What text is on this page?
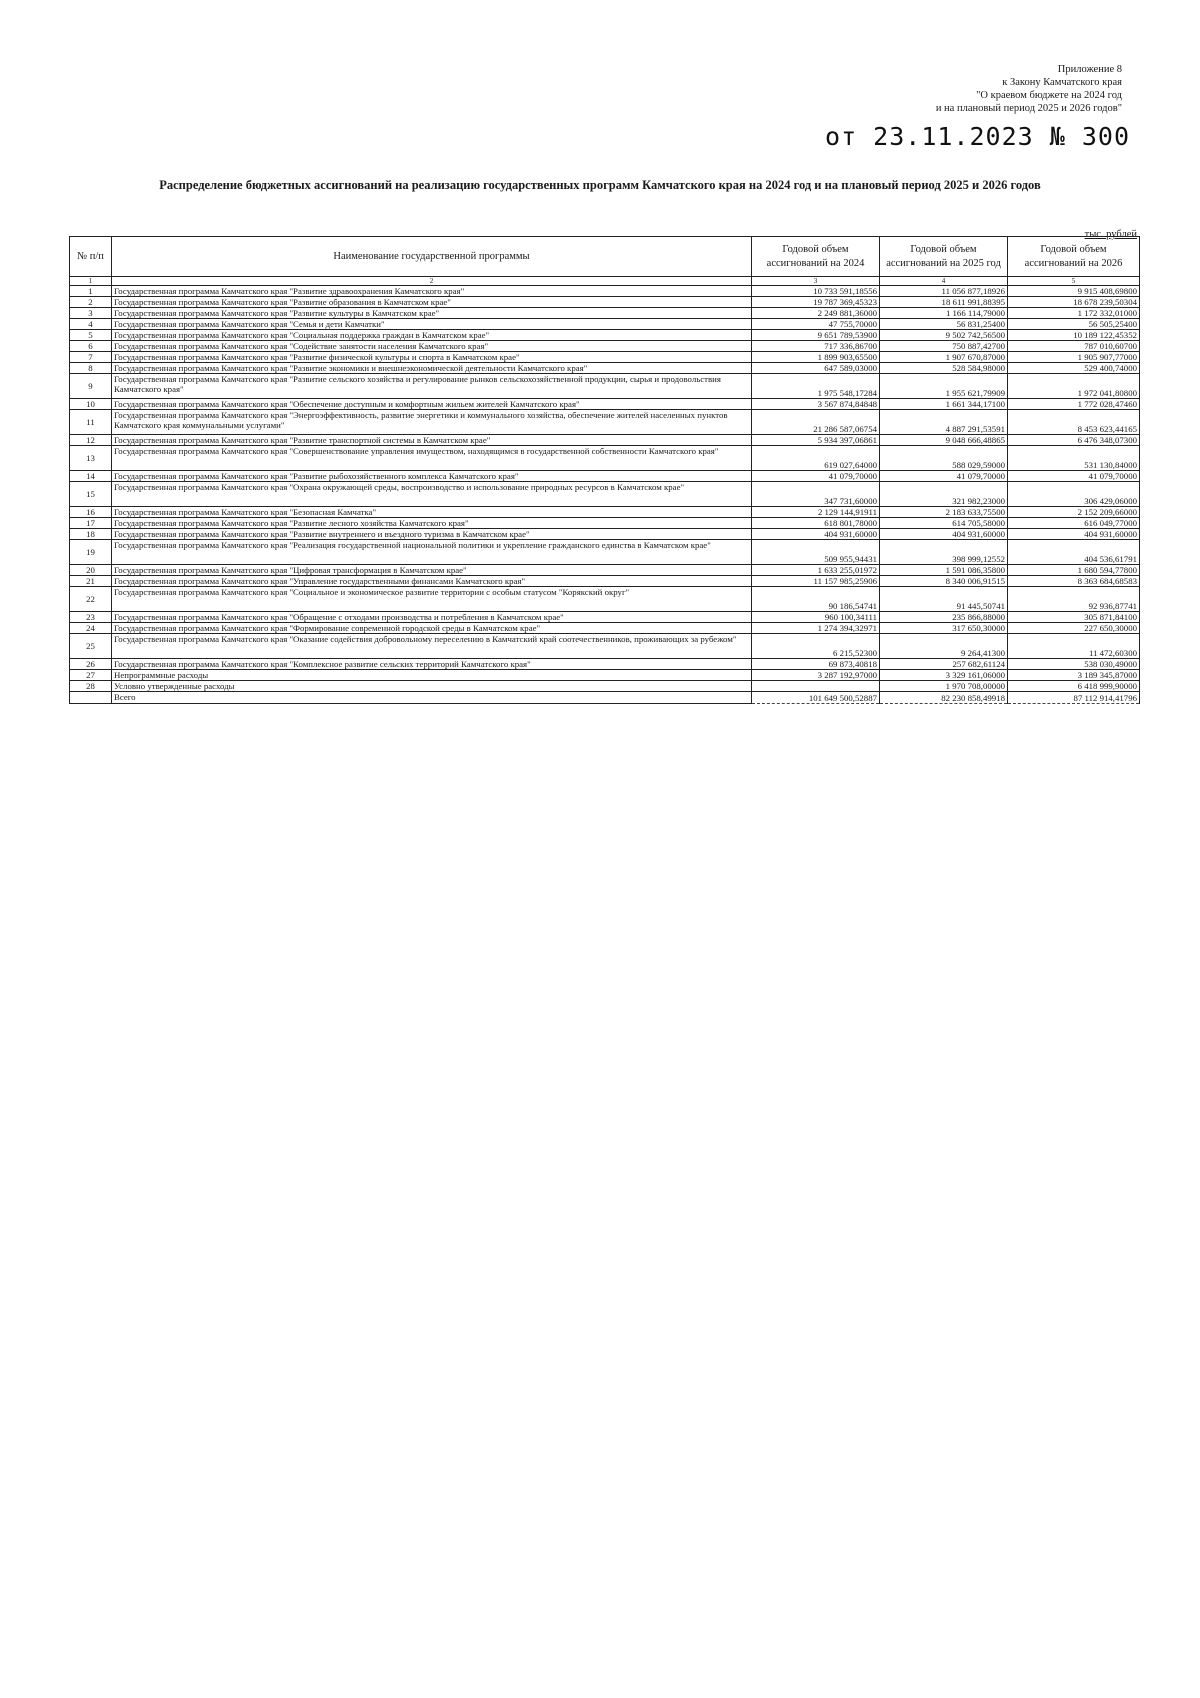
Приложение 8
к Закону Камчатского края
"О краевом бюджете на 2024 год
и на плановый период 2025 и 2026 годов"
от 23.11.2023 № 300
Распределение бюджетных ассигнований на реализацию государственных программ Камчатского края на 2024 год и на плановый период 2025 и 2026 годов
тыс. рублей
№ п/п	Наименование государственной программы	Годовой объем ассигнований на 2024	Годовой объем ассигнований на 2025 год	Годовой объем ассигнований на 2026
1	2	3	4	5
1	Государственная программа Камчатского края "Развитие здравоохранения Камчатского края"	10 733 591,18556	11 056 877,18926	9 915 408,69800
2	Государственная программа Камчатского края "Развитие образования в Камчатском крае"	19 787 369,45323	18 611 991,88395	18 678 239,50304
3	Государственная программа Камчатского края "Развитие культуры в Камчатском крае"	2 249 881,36000	1 166 114,79000	1 172 332,01000
4	Государственная программа Камчатского края "Семья и дети Камчатки"	47 755,70000	56 831,25400	56 505,25400
5	Государственная программа Камчатского края "Социальная поддержка граждан в Камчатском крае"	9 651 789,53900	9 502 742,56500	10 189 122,45352
6	Государственная программа Камчатского края "Содействие занятости населения Камчатского края"	717 336,86700	750 887,42700	787 010,60700
7	Государственная программа Камчатского края "Развитие физической культуры и спорта в Камчатском крае"	1 899 903,65500	1 907 670,87000	1 905 907,77000
8	Государственная программа Камчатского края "Развитие экономики и внешнеэкономической деятельности Камчатского края"	647 589,03000	528 584,98000	529 400,74000
9	Государственная программа Камчатского края "Развитие сельского хозяйства и регулирование рынков сельскохозяйственной продукции, сырья и продовольствия Камчатского края"	1 975 548,17284	1 955 621,79909	1 972 041,80800
10	Государственная программа Камчатского края "Обеспечение доступным и комфортным жильем жителей Камчатского края"	3 567 874,84848	1 661 344,17100	1 772 028,47460
11	Государственная программа Камчатского края "Энергоэффективность, развитие энергетики и коммунального хозяйства, обеспечение жителей населенных пунктов Камчатского края коммунальными услугами"	21 286 587,06754	4 887 291,53591	8 453 623,44165
12	Государственная программа Камчатского края "Развитие транспортной системы в Камчатском крае"	5 934 397,06861	9 048 666,48865	6 476 348,07300
13	Государственная программа Камчатского края "Совершенствование управления имуществом, находящимся в государственной собственности Камчатского края"	619 027,64000	588 029,59000	531 130,84000
14	Государственная программа Камчатского края "Развитие рыбохозяйственного комплекса Камчатского края"	41 079,70000	41 079,70000	41 079,70000
15	Государственная программа Камчатского края "Охрана окружающей среды, воспроизводство и использование природных ресурсов в Камчатском крае"	347 731,60000	321 982,23000	306 429,06000
16	Государственная программа Камчатского края "Безопасная Камчатка"	2 129 144,91911	2 183 633,75500	2 152 209,66000
17	Государственная программа Камчатского края "Развитие лесного хозяйства Камчатского края"	618 801,78000	614 705,58000	616 049,77000
18	Государственная программа Камчатского края "Развитие внутреннего и въездного туризма в Камчатском крае"	404 931,60000	404 931,60000	404 931,60000
19	Государственная программа Камчатского края "Реализация государственной национальной политики и укрепление гражданского единства в Камчатском крае"	509 955,94431	398 999,12552	404 536,61791
20	Государственная программа Камчатского края "Цифровая трансформация в Камчатском крае"	1 633 255,01972	1 591 086,35800	1 680 594,77800
21	Государственная программа Камчатского края "Управление государственными финансами Камчатского края"	11 157 985,25906	8 340 006,91515	8 363 684,68583
22	Государственная программа Камчатского края "Социальное и экономическое развитие территории с особым статусом "Корякский округ"	90 186,54741	91 445,50741	92 936,87741
23	Государственная программа Камчатского края "Обращение с отходами производства и потребления в Камчатском крае"	960 100,34111	235 866,88000	305 871,84100
24	Государственная программа Камчатского края "Формирование современной городской среды в Камчатском крае"	1 274 394,32971	317 650,30000	227 650,30000
25	Государственная программа Камчатского края "Оказание содействия добровольному переселению в Камчатский край соотечественников, проживающих за рубежом"	6 215,52300	9 264,41300	11 472,60300
26	Государственная программа Камчатского края "Комплексное развитие сельских территорий Камчатского края"	69 873,40818	257 682,61124	538 030,49000
27	Непрограммные расходы	3 287 192,97000	3 329 161,06000	3 189 345,87000
28	Условно утвержденные расходы		1 970 708,00000	6 418 999,90000
	Всего	101 649 500,52887	82 230 858,49918	87 112 914,41796
